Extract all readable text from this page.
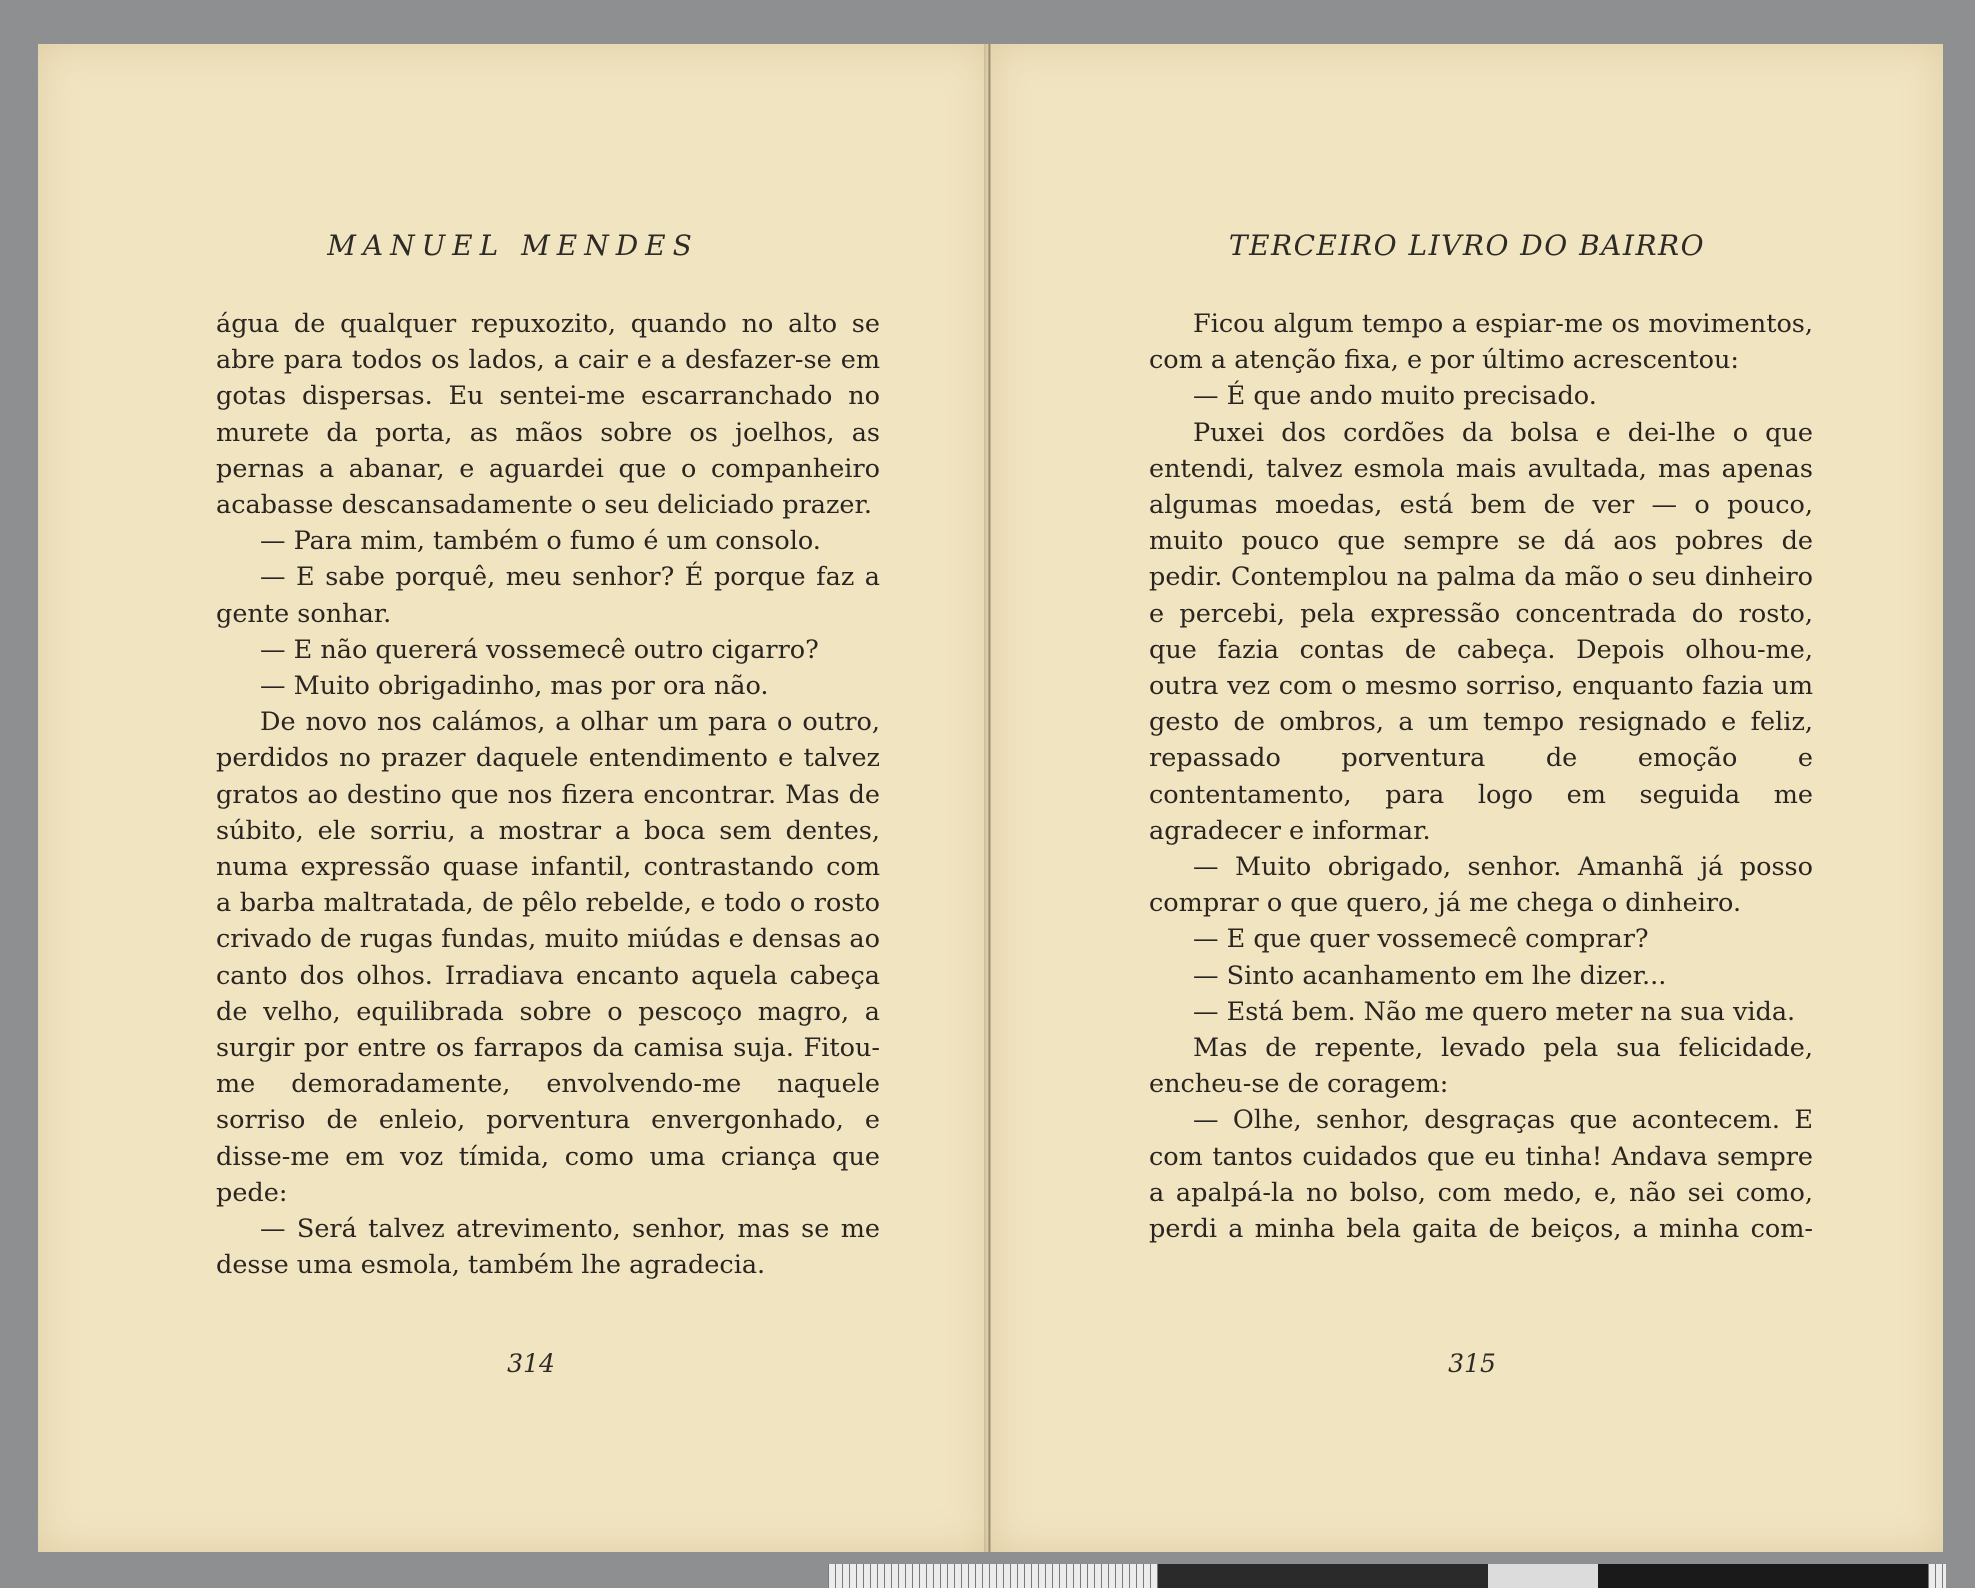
MANUEL MENDES

água de qualquer repuxozito, quando no alto se abre para todos os lados, a cair e a desfazer-se em gotas dispersas. Eu sentei-me escarranchado no murete da porta, as mãos sobre os joelhos, as pernas a abanar, e aguardei que o companheiro acabasse descansadamente o seu deliciado prazer.

— Para mim, também o fumo é um consolo.

— E sabe porquê, meu senhor? É porque faz a gente sonhar.

— E não quererá vossemecê outro cigarro?

— Muito obrigadinho, mas por ora não.

De novo nos calámos, a olhar um para o outro, perdidos no prazer daquele entendimento e talvez gratos ao destino que nos fizera encontrar. Mas de súbito, ele sorriu, a mostrar a boca sem dentes, numa expressão quase infantil, contrastando com a barba maltratada, de pêlo rebelde, e todo o rosto crivado de rugas fundas, muito miúdas e densas ao canto dos olhos. Irradiava encanto aquela cabeça de velho, equilibrada sobre o pescoço magro, a surgir por entre os farrapos da camisa suja. Fitou-me demoradamente, envolvendo-me naquele sorriso de enleio, porventura envergonhado, e disse-me em voz tímida, como uma criança que pede:

— Será talvez atrevimento, senhor, mas se me desse uma esmola, também lhe agradecia.

314
TERCEIRO LIVRO DO BAIRRO

Ficou algum tempo a espiar-me os movimentos, com a atenção fixa, e por último acrescentou:

— É que ando muito precisado.

Puxei dos cordões da bolsa e dei-lhe o que entendi, talvez esmola mais avultada, mas apenas algumas moedas, está bem de ver — o pouco, muito pouco que sempre se dá aos pobres de pedir. Contemplou na palma da mão o seu dinheiro e percebi, pela expressão concentrada do rosto, que fazia contas de cabeça. Depois olhou-me, outra vez com o mesmo sorriso, enquanto fazia um gesto de ombros, a um tempo resignado e feliz, repassado porventura de emoção e contentamento, para logo em seguida me agradecer e informar.

— Muito obrigado, senhor. Amanhã já posso comprar o que quero, já me chega o dinheiro.

— E que quer vossemecê comprar?

— Sinto acanhamento em lhe dizer...

— Está bem. Não me quero meter na sua vida.

Mas de repente, levado pela sua felicidade, encheu-se de coragem:

— Olhe, senhor, desgraças que acontecem. E com tantos cuidados que eu tinha! Andava sempre a apalpá-la no bolso, com medo, e, não sei como, perdi a minha bela gaita de beiços, a minha com-

315
